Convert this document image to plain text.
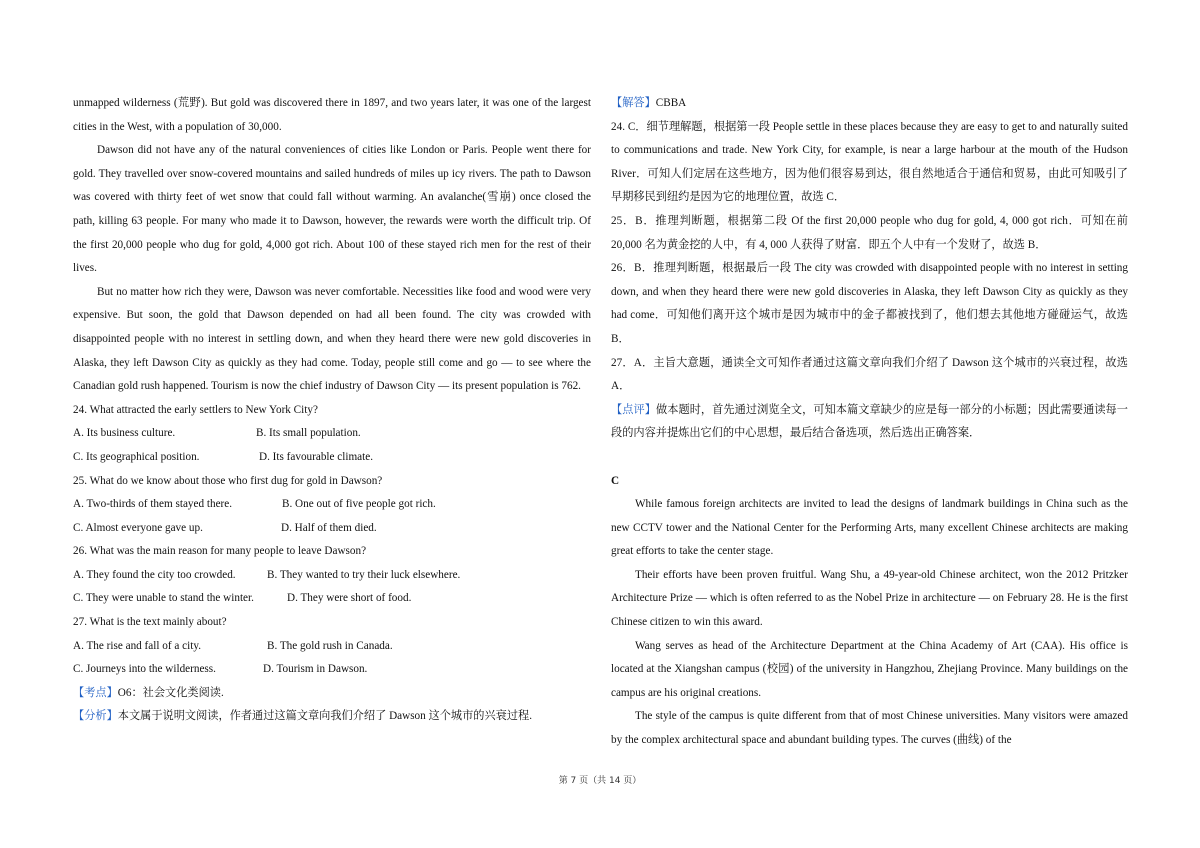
unmapped wilderness (荒野). But gold was discovered there in 1897, and two years later, it was one of the largest cities in the West, with a population of 30,000.

Dawson did not have any of the natural conveniences of cities like London or Paris. People went there for gold. They travelled over snow-covered mountains and sailed hundreds of miles up icy rivers. The path to Dawson was covered with thirty feet of wet snow that could fall without warming. An avalanche(雪崩) once closed the path, killing 63 people. For many who made it to Dawson, however, the rewards were worth the difficult trip. Of the first 20,000 people who dug for gold, 4,000 got rich. About 100 of these stayed rich men for the rest of their lives.

But no matter how rich they were, Dawson was never comfortable. Necessities like food and wood were very expensive. But soon, the gold that Dawson depended on had all been found. The city was crowded with disappointed people with no interest in settling down, and when they heard there were new gold discoveries in Alaska, they left Dawson City as quickly as they had come. Today, people still come and go — to see where the Canadian gold rush happened. Tourism is now the chief industry of Dawson City — its present population is 762.

24. What attracted the early settlers to New York City?

A. Its business culture.	B. Its small population.
C. Its geographical position.	D. Its favourable climate.

25. What do we know about those who first dug for gold in Dawson?

A. Two-thirds of them stayed there.	B. One out of five people got rich.
C. Almost everyone gave up.	D. Half of them died.

26. What was the main reason for many people to leave Dawson?

A. They found the city too crowded.	B. They wanted to try their luck elsewhere.
C. They were unable to stand the winter.	D. They were short of food.

27. What is the text mainly about?

A. The rise and fall of a city.	B. The gold rush in Canada.
C. Journeys into the wilderness.	D. Tourism in Dawson.

【考点】O6：社会文化类阅读.

【分析】本文属于说明文阅读，作者通过这篇文章向我们介绍了 Dawson 这个城市的兴衰过程.

【解答】CBBA

24. C．细节理解题，根据第一段 People settle in these places because they are easy to get to and naturally suited to communications and trade. New York City, for example, is near a large harbour at the mouth of the Hudson River．可知人们定居在这些地方，因为他们很容易到达，很自然地适合于通信和贸易，由此可知吸引了早期移民到纽约是因为它的地理位置，故选 C．

25．B．推理判断题，根据第二段 Of the first 20,000 people who dug for gold, 4, 000 got rich．可知在前 20,000 名为黄金挖的人中，有 4, 000 人获得了财富．即五个人中有一个发财了，故选 B．

26．B．推理判断题，根据最后一段 The city was crowded with disappointed people with no interest in setting down, and when they heard there were new gold discoveries in Alaska, they left Dawson City as quickly as they had come．可知他们离开这个城市是因为城市中的金子都被找到了，他们想去其他地方碰碰运气，故选 B．

27．A．主旨大意题，通读全文可知作者通过这篇文章向我们介绍了 Dawson 这个城市的兴衰过程，故选 A．

【点评】做本题时，首先通过浏览全文，可知本篇文章缺少的应是每一部分的小标题；因此需要通读每一段的内容并提炼出它们的中心思想，最后结合备选项，然后选出正确答案．

C

While famous foreign architects are invited to lead the designs of landmark buildings in China such as the new CCTV tower and the National Center for the Performing Arts, many excellent Chinese architects are making great efforts to take the center stage.

Their efforts have been proven fruitful. Wang Shu, a 49-year-old Chinese architect, won the 2012 Pritzker Architecture Prize — which is often referred to as the Nobel Prize in architecture — on February 28. He is the first Chinese citizen to win this award.

Wang serves as head of the Architecture Department at the China Academy of Art (CAA). His office is located at the Xiangshan campus (校园) of the university in Hangzhou, Zhejiang Province. Many buildings on the campus are his original creations.

The style of the campus is quite different from that of most Chinese universities. Many visitors were amazed by the complex architectural space and abundant building types. The curves (曲线) of the

第 7 页（共 14 页）
